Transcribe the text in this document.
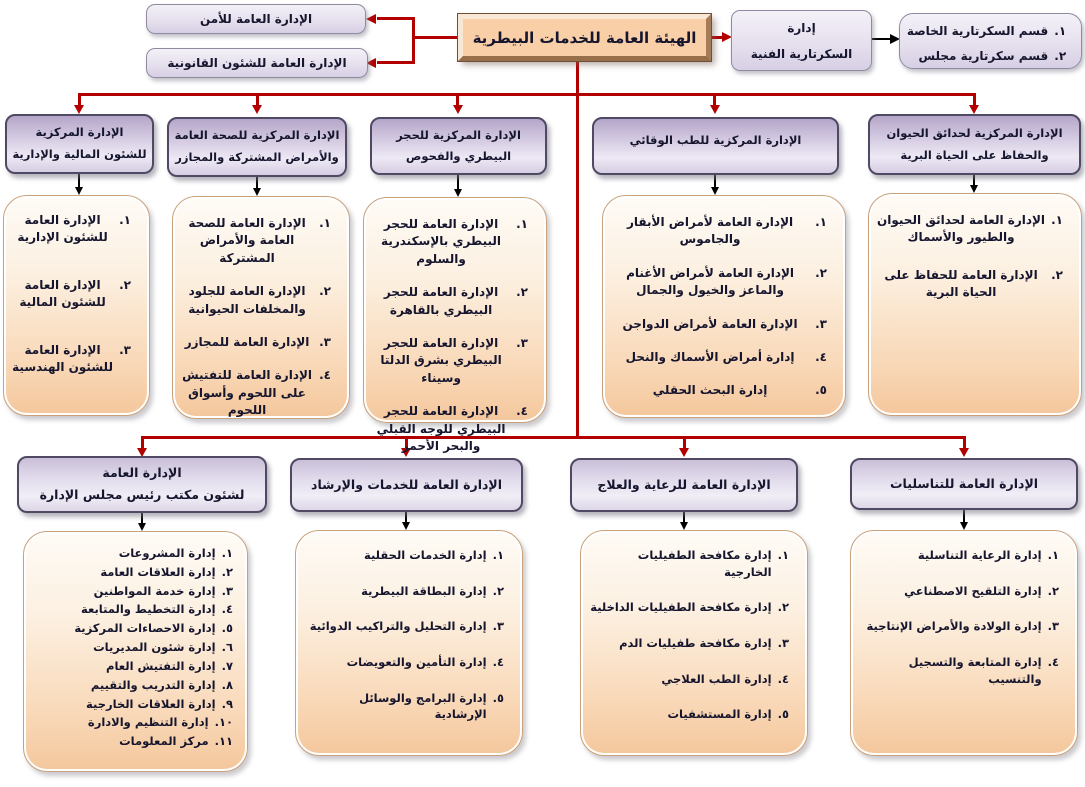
الهيئة العامة للخدمات البيطرية
الإدارة العامة للأمن
الإدارة العامة للشئون القانونية
إدارة
السكرتارية الفنية
١.
قسم السكرتارية الخاصة
٢.
قسم سكرتارية مجلس
الإدارة المركزية
للشئون المالية والإدارية
الإدارة المركزية للصحة العامة
والأمراض المشتركة والمجازر
الإدارة المركزية للحجر
البيطري والفحوص
الإدارة المركزية للطب الوقائي
الإدارة المركزية لحدائق الحيوان
والحفاظ على الحياة البرية
١.
الإدارة العامة للشئون الإدارية
٢.
الإدارة العامة للشئون المالية
٣.
الإدارة العامة للشئون الهندسية
١.
الإدارة العامة للصحة العامة والأمراض المشتركة
٢.
الإدارة العامة للجلود والمخلفات الحيوانية
٣.
الإدارة العامة للمجازر
٤.
الإدارة العامة للتفتيش على اللحوم وأسواق اللحوم
١.
الإدارة العامة للحجر البيطري بالإسكندرية والسلوم
٢.
الإدارة العامة للحجر البيطري بالقاهرة
٣.
الإدارة العامة للحجر البيطري بشرق الدلتا وسيناء
٤.
الإدارة العامة للحجر البيطري للوجه القبلي والبحر الأحمر
١.
الإدارة العامة لأمراض الأبقار والجاموس
٢.
الإدارة العامة لأمراض الأغنام والماعز والخيول والجمال
٣.
الإدارة العامة لأمراض الدواجن
٤.
إدارة أمراض الأسماك والنحل
٥.
إدارة البحث الحقلي
١.
الإدارة العامة لحدائق الحيوان والطيور والأسماك
٢.
الإدارة العامة للحفاظ على الحياة البرية
الإدارة العامة
لشئون مكتب رئيس مجلس الإدارة
الإدارة العامة للخدمات والإرشاد	الإدارة العامة للرعاية والعلاج	الإدارة العامة للتناسليات
١.
إدارة المشروعات
٢.
إدارة العلاقات العامة
٣.
إدارة خدمة المواطنين
٤.
إدارة التخطيط والمتابعة
٥.
إدارة الاحصاءات المركزية
٦.
إدارة شئون المديريات
٧.
إدارة التفتيش العام
٨.
إدارة التدريب والتقييم
٩.
إدارة العلاقات الخارجية
١٠.
إدارة التنظيم والادارة
١١.
مركز المعلومات
١.
إدارة الخدمات الحقلية
٢.
إدارة البطاقة البيطرية
٣.
إدارة التحليل والتراكيب الدوائية
٤.
إدارة التأمين والتعويضات
٥.
إدارة البرامج والوسائل الإرشادية
١.
إدارة مكافحة الطفيليات الخارجية
٢.
إدارة مكافحة الطفيليات الداخلية
٣.
إدارة مكافحة طفيليات الدم
٤.
إدارة الطب العلاجي
٥.
إدارة المستشفيات
١.
إدارة الرعاية التناسلية
٢.
إدارة التلقيح الاصطناعي
٣.
إدارة الولادة والأمراض الإنتاجية
٤.
إدارة المتابعة والتسجيل والتنسيب
